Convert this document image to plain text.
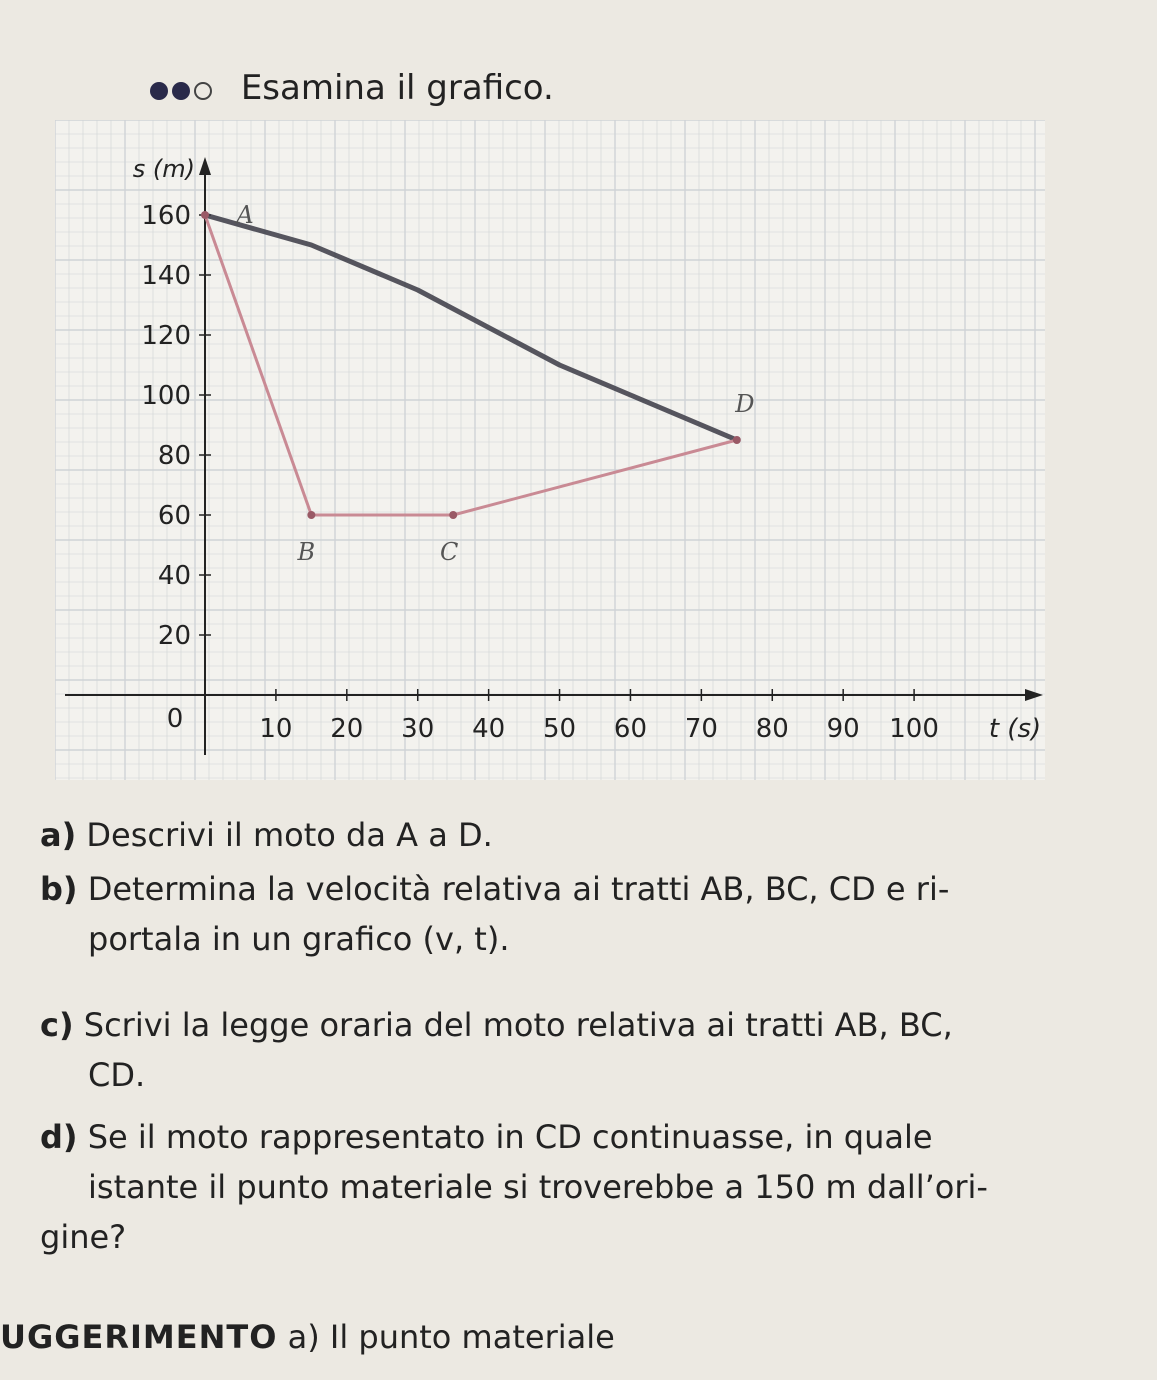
Esamina il grafico.
10 20 30 40 50 60 70 80 90 100
20
40
60
80
100
120
140
160
0
s (m)
t (s)
A
B	C
D
a) Descrivi il moto da A a D.
b) Determina la velocità relativa ai tratti AB, BC, CD e ri-
portala in un grafico (v, t).
c) Scrivi la legge oraria del moto relativa ai tratti AB, BC,
CD.
d) Se il moto rappresentato in CD continuasse, in quale
istante il punto materiale si troverebbe a 150 m dall’ori-
gine?
UGGERIMENTO a) Il punto materiale
